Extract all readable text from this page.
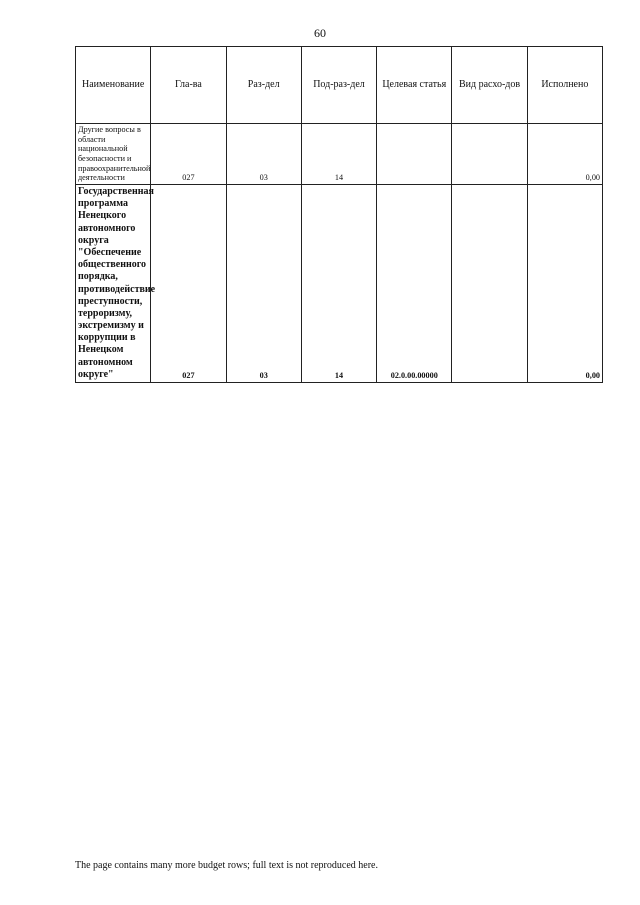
60
Наименование	Гла-ва	Раз-дел	Под-раз-дел	Целевая статья	Вид расхо-дов	Исполнено
Другие вопросы в области национальной безопасности и правоохранительной деятельности	027	03	14			0,00
Государственная программа Ненецкого автономного округа "Обеспечение общественного порядка, противодействие преступности, терроризму, экстремизму и коррупции в Ненецком автономном округе"	027	03	14	02.0.00.00000		0,00
The page contains many more budget rows; full text is not reproduced here.
